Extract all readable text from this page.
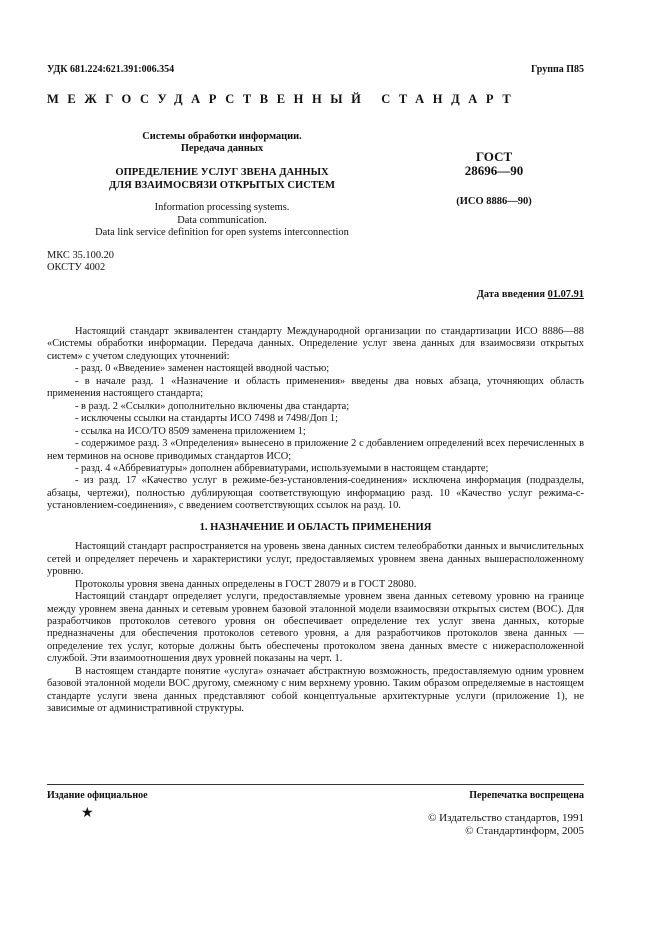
УДК 681.224:621.391:006.354	Группа П85
МЕЖГОСУДАРСТВЕННЫЙ СТАНДАРТ
Системы обработки информации.
Передача данных
ОПРЕДЕЛЕНИЕ УСЛУГ ЗВЕНА ДАННЫХ
ДЛЯ ВЗАИМОСВЯЗИ ОТКРЫТЫХ СИСТЕМ
Information processing systems.
Data communication.
Data link service definition for open systems interconnection
ГОСТ
28696—90
(ИСО 8886—90)
МКС 35.100.20
ОКСТУ 4002
Дата введения 01.07.91

Настоящий стандарт эквивалентен стандарту Международной организации по стандартизации ИСО 8886—88 «Системы обработки информации. Передача данных. Определение услуг звена данных для взаимосвязи открытых систем» с учетом следующих уточнений:

- разд. 0 «Введение» заменен настоящей вводной частью;

- в начале разд. 1 «Назначение и область применения» введены два новых абзаца, уточняющих область применения настоящего стандарта;

- в разд. 2 «Ссылки» дополнительно включены два стандарта;

- исключены ссылки на стандарты ИСО 7498 и 7498/Доп 1;

- ссылка на ИСО/ТО 8509 заменена приложением 1;

- содержимое разд. 3 «Определения» вынесено в приложение 2 с добавлением определений всех перечисленных в нем терминов на основе приводимых стандартов ИСО;

- разд. 4 «Аббревиатуры» дополнен аббревиатурами, используемыми в настоящем стандарте;

- из разд. 17 «Качество услуг в режиме-без-установления-соединения» исключена информация (подразделы, абзацы, чертежи), полностью дублирующая соответствующую информацию разд. 10 «Качество услуг режима-с-установлением-соединения», с введением соответствующих ссылок на разд. 10.

1. НАЗНАЧЕНИЕ И ОБЛАСТЬ ПРИМЕНЕНИЯ

Настоящий стандарт распространяется на уровень звена данных систем телеобработки данных и вычислительных сетей и определяет перечень и характеристики услуг, предоставляемых уровнем звена данных вышерасположенному уровню.

Протоколы уровня звена данных определены в ГОСТ 28079 и в ГОСТ 28080.

Настоящий стандарт определяет услуги, предоставляемые уровнем звена данных сетевому уровню на границе между уровнем звена данных и сетевым уровнем базовой эталонной модели взаимосвязи открытых систем (ВОС). Для разработчиков протоколов сетевого уровня он обеспечивает определение тех услуг звена данных, которые предназначены для обеспечения протоколов сетевого уровня, а для разработчиков протоколов звена данных — определение тех услуг, которые должны быть обеспечены протоколом звена данных вместе с нижерасположенной службой. Эти взаимоотношения двух уровней показаны на черт. 1.

В настоящем стандарте понятие «услуга» означает абстрактную возможность, предоставляемую одним уровнем базовой эталонной модели ВОС другому, смежному с ним верхнему уровню. Таким образом определяемые в настоящем стандарте услуги звена данных представляют собой концептуальные архитектурные услуги (приложение 1), не зависимые от административной структуры.

Издание официальное	Перепечатка воспрещена
★	© Издательство стандартов, 1991
© Стандартинформ, 2005
